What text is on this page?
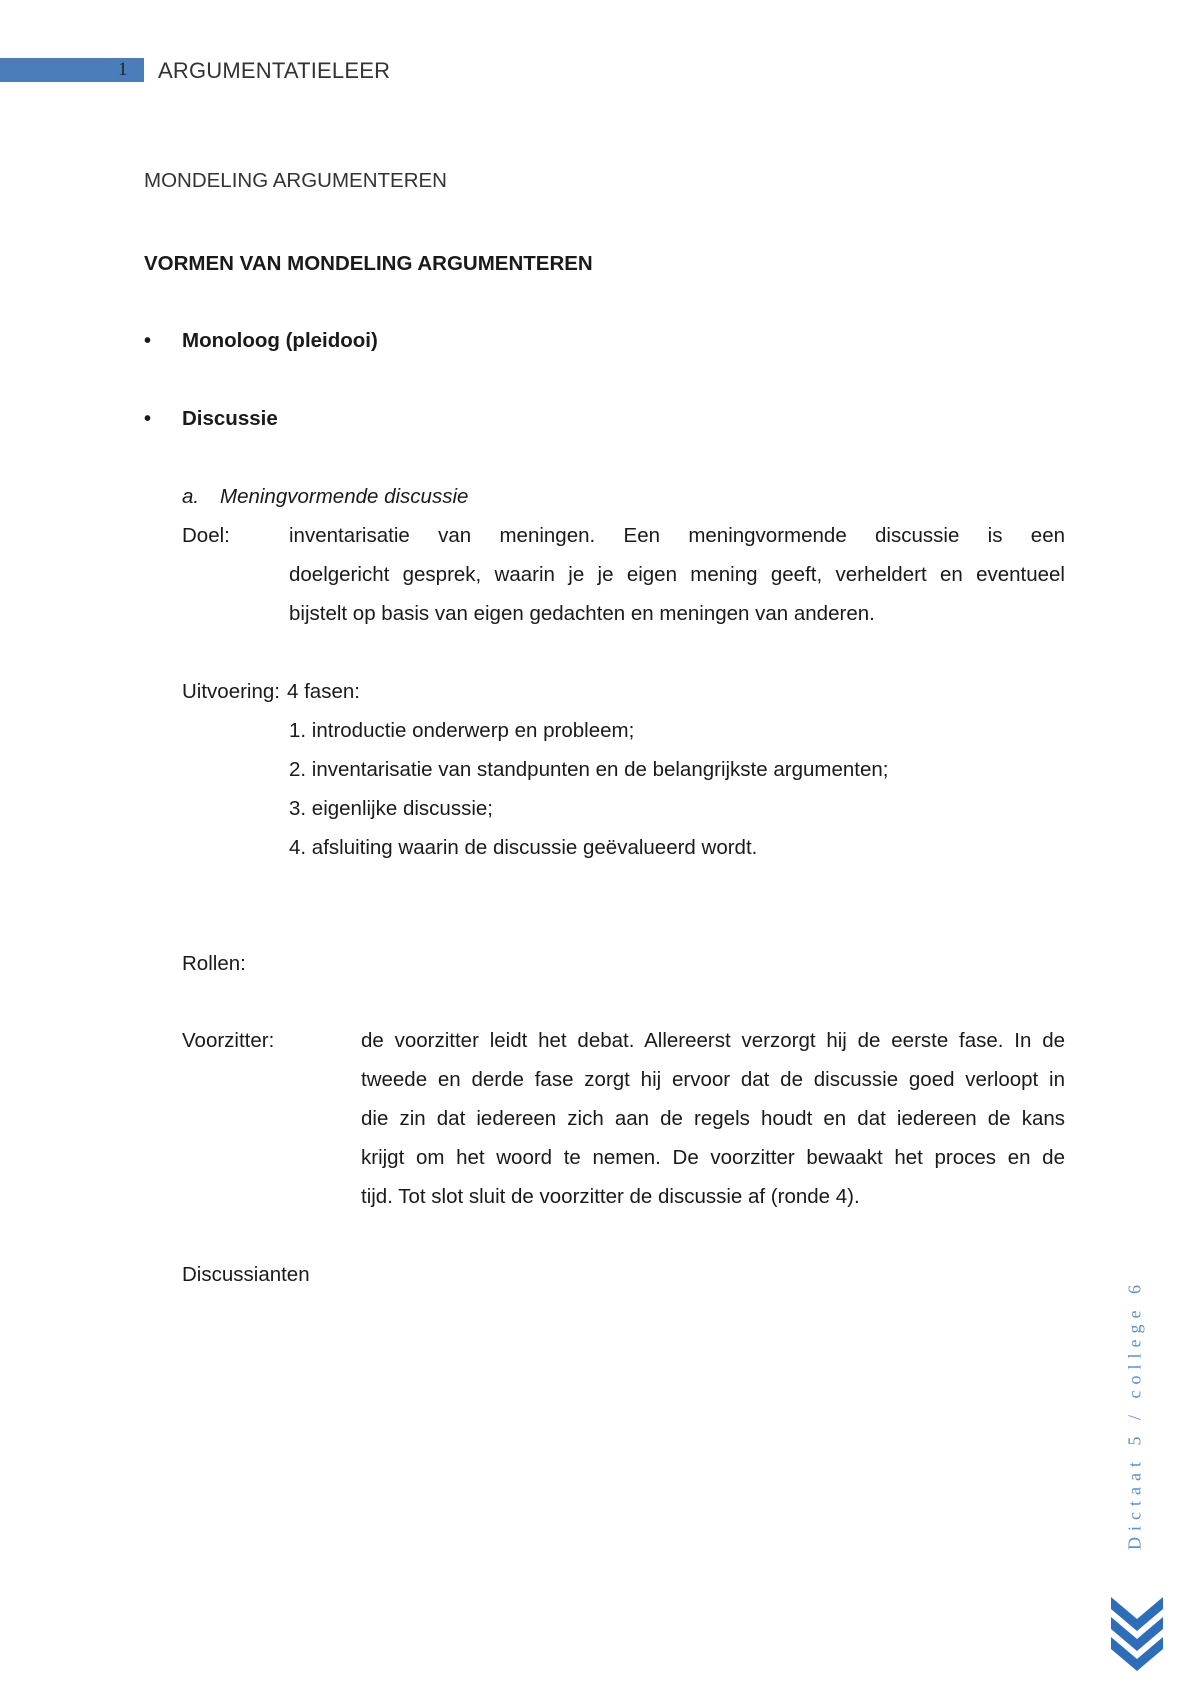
1	ARGUMENTATIELEER
MONDELING ARGUMENTEREN
VORMEN VAN MONDELING ARGUMENTEREN
• Monoloog (pleidooi)
• Discussie
a. Meningvormende discussie
Doel:	inventarisatie van meningen. Een meningvormende discussie is een
doelgericht gesprek, waarin je je eigen mening geeft, verheldert en eventueel
bijstelt op basis van eigen gedachten en meningen van anderen.
Uitvoering: 4 fasen:
1. introductie onderwerp en probleem;
2. inventarisatie van standpunten en de belangrijkste argumenten;
3. eigenlijke discussie;
4. afsluiting waarin de discussie geëvalueerd wordt.
Rollen:
Voorzitter:	de voorzitter leidt het debat. Allereerst verzorgt hij de eerste fase. In de
tweede en derde fase zorgt hij ervoor dat de discussie goed verloopt in
die zin dat iedereen zich aan de regels houdt en dat iedereen de kans
krijgt om het woord te nemen. De voorzitter bewaakt het proces en de
tijd. Tot slot sluit de voorzitter de discussie af (ronde 4).
Discussianten
Dictaat 5 / college 6
